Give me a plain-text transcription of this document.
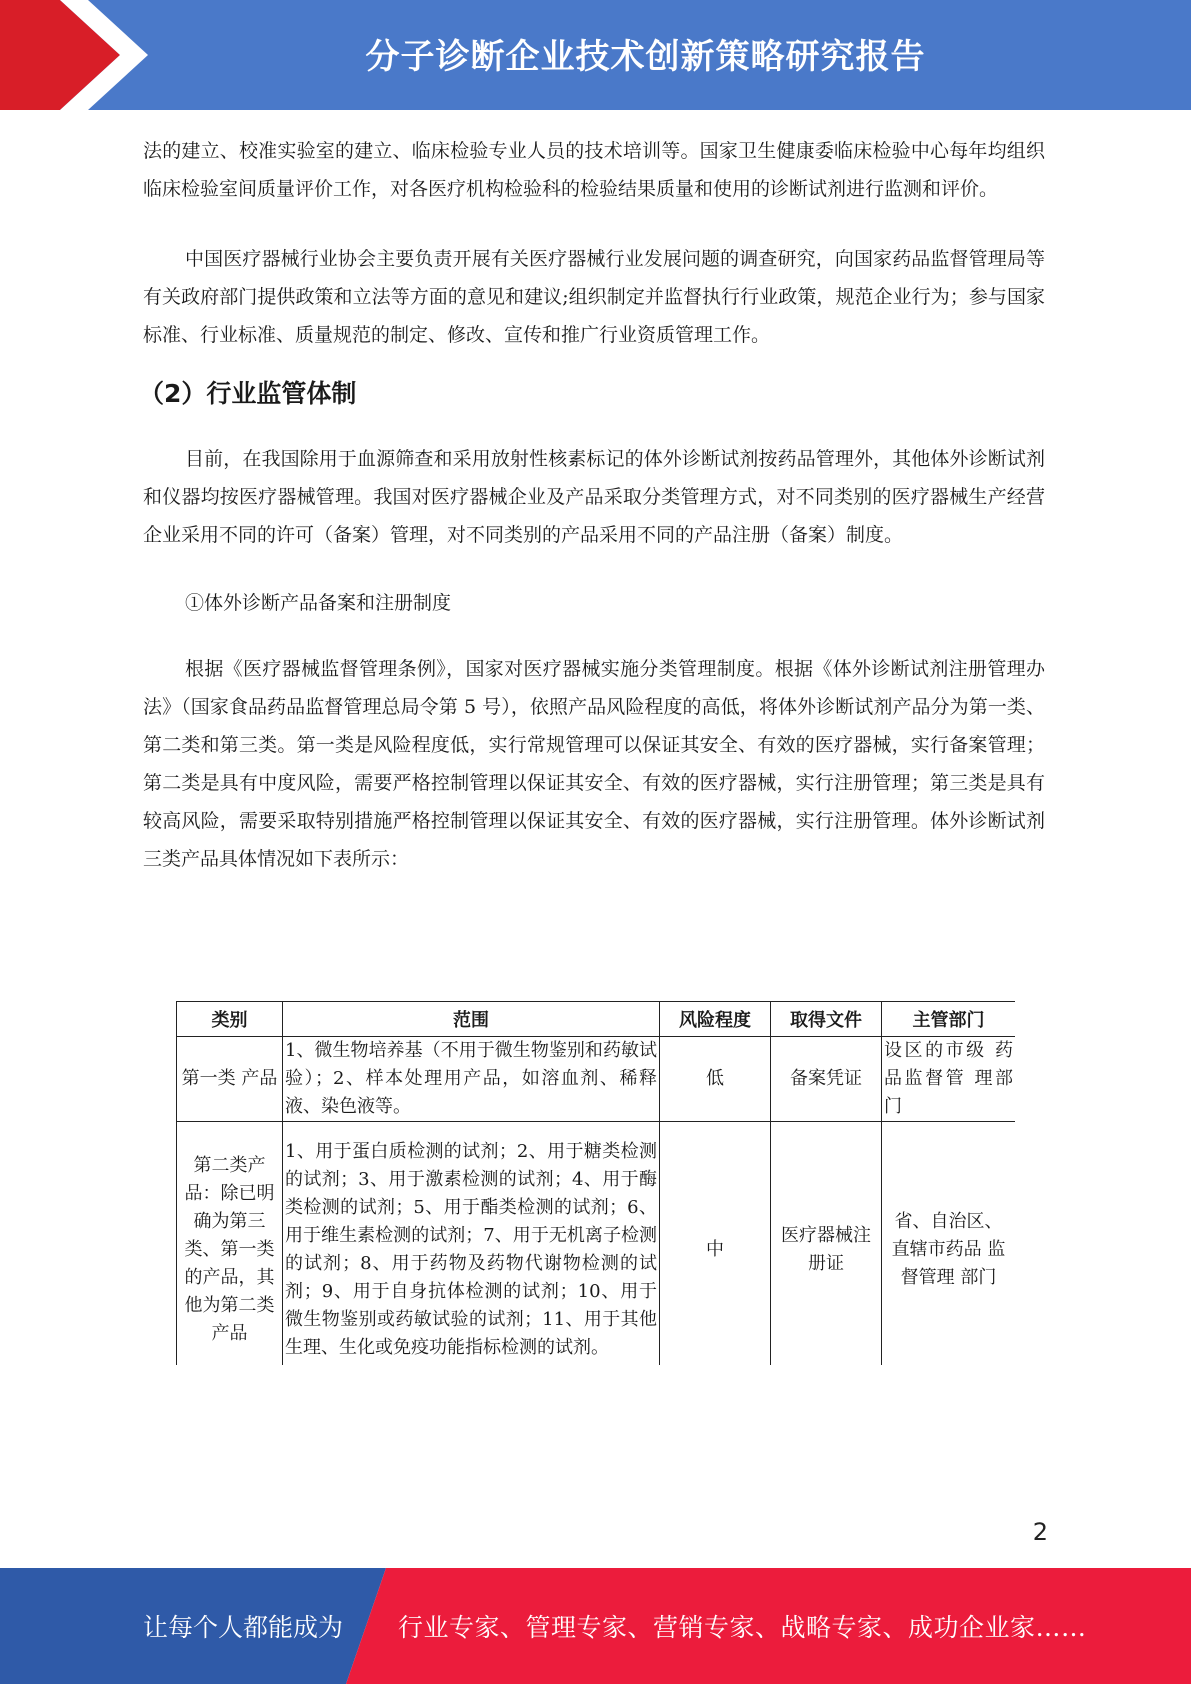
分子诊断企业技术创新策略研究报告

法的建立、校准实验室的建立、临床检验专业人员的技术培训等。国家卫生健康委临床检验中心每年均组织临床检验室间质量评价工作，对各医疗机构检验科的检验结果质量和使用的诊断试剂进行监测和评价。

中国医疗器械行业协会主要负责开展有关医疗器械行业发展问题的调查研究，向国家药品监督管理局等有关政府部门提供政策和立法等方面的意见和建议;组织制定并监督执行行业政策，规范企业行为；参与国家标准、行业标准、质量规范的制定、修改、宣传和推广行业资质管理工作。

（2）行业监管体制

目前，在我国除用于血源筛查和采用放射性核素标记的体外诊断试剂按药品管理外，其他体外诊断试剂和仪器均按医疗器械管理。我国对医疗器械企业及产品采取分类管理方式，对不同类别的医疗器械生产经营企业采用不同的许可（备案）管理，对不同类别的产品采用不同的产品注册（备案）制度。

①体外诊断产品备案和注册制度

根据《医疗器械监督管理条例》，国家对医疗器械实施分类管理制度。根据《体外诊断试剂注册管理办法》（国家食品药品监督管理总局令第 5 号），依照产品风险程度的高低，将体外诊断试剂产品分为第一类、第二类和第三类。第一类是风险程度低，实行常规管理可以保证其安全、有效的医疗器械，实行备案管理；第二类是具有中度风险，需要严格控制管理以保证其安全、有效的医疗器械，实行注册管理；第三类是具有较高风险，需要采取特别措施严格控制管理以保证其安全、有效的医疗器械，实行注册管理。体外诊断试剂三类产品具体情况如下表所示：

类别	范围	风险程度	取得文件	主管部门
第一类 产品	1、微生物培养基（不用于微生物鉴别和药敏试验）；2、样本处理用产品，如溶血剂、稀释液、染色液等。	低	备案凭证	设区的市级 药品监督管 理部门
第二类产品：除已明确为第三类、第一类的产品，其他为第二类产品	1、用于蛋白质检测的试剂；2、用于糖类检测的试剂；3、用于激素检测的试剂；4、用于酶类检测的试剂；5、用于酯类检测的试剂；6、用于维生素检测的试剂；7、用于无机离子检测的试剂；8、用于药物及药物代谢物检测的试剂；9、用于自身抗体检测的试剂；10、用于微生物鉴别或药敏试验的试剂；11、用于其他生理、生化或免疫功能指标检测的试剂。	中	医疗器械注册证	省、自治区、直辖市药品 监督管理 部门
2
让每个人都能成为 行业专家、管理专家、营销专家、战略专家、成功企业家……
